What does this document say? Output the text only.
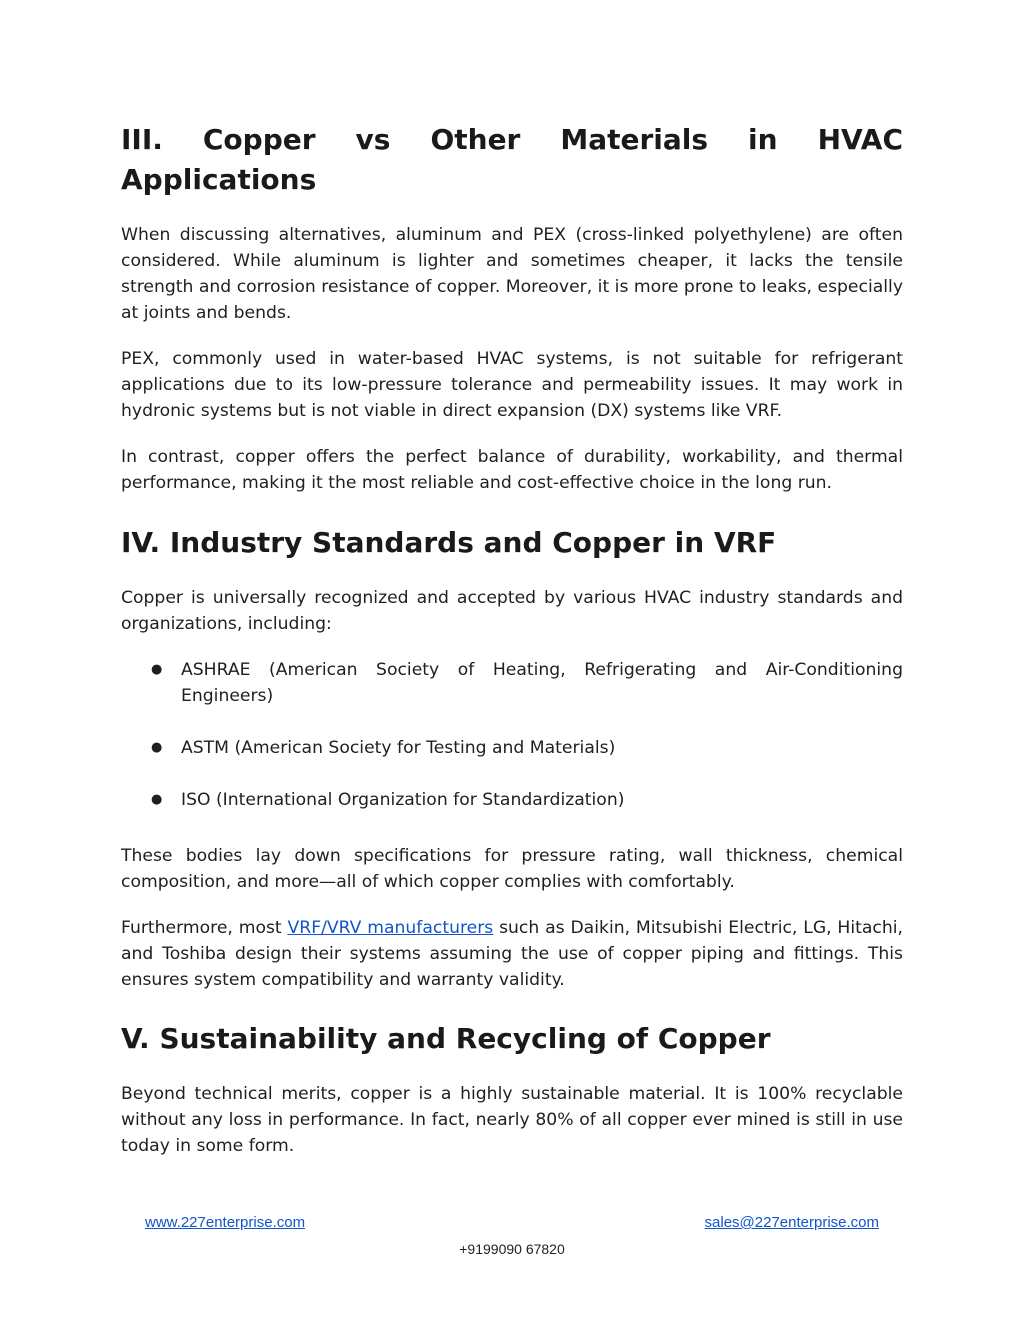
III. Copper vs Other Materials in HVAC
Applications

When discussing alternatives, aluminum and PEX (cross-linked polyethylene) are often considered. While aluminum is lighter and sometimes cheaper, it lacks the tensile strength and corrosion resistance of copper. Moreover, it is more prone to leaks, especially at joints and bends.

PEX, commonly used in water-based HVAC systems, is not suitable for refrigerant applications due to its low-pressure tolerance and permeability issues. It may work in hydronic systems but is not viable in direct expansion (DX) systems like VRF.

In contrast, copper offers the perfect balance of durability, workability, and thermal performance, making it the most reliable and cost-effective choice in the long run.

IV. Industry Standards and Copper in VRF

Copper is universally recognized and accepted by various HVAC industry standards and organizations, including:

● ASHRAE (American Society of Heating, Refrigerating and Air-Conditioning Engineers)
● ASTM (American Society for Testing and Materials)
● ISO (International Organization for Standardization)

These bodies lay down specifications for pressure rating, wall thickness, chemical composition, and more—all of which copper complies with comfortably.

Furthermore, most VRF/VRV manufacturers such as Daikin, Mitsubishi Electric, LG, Hitachi, and Toshiba design their systems assuming the use of copper piping and fittings. This ensures system compatibility and warranty validity.

V. Sustainability and Recycling of Copper

Beyond technical merits, copper is a highly sustainable material. It is 100% recyclable without any loss in performance. In fact, nearly 80% of all copper ever mined is still in use today in some form.

www.227enterprise.com	sales@227enterprise.com
+9199090 67820
